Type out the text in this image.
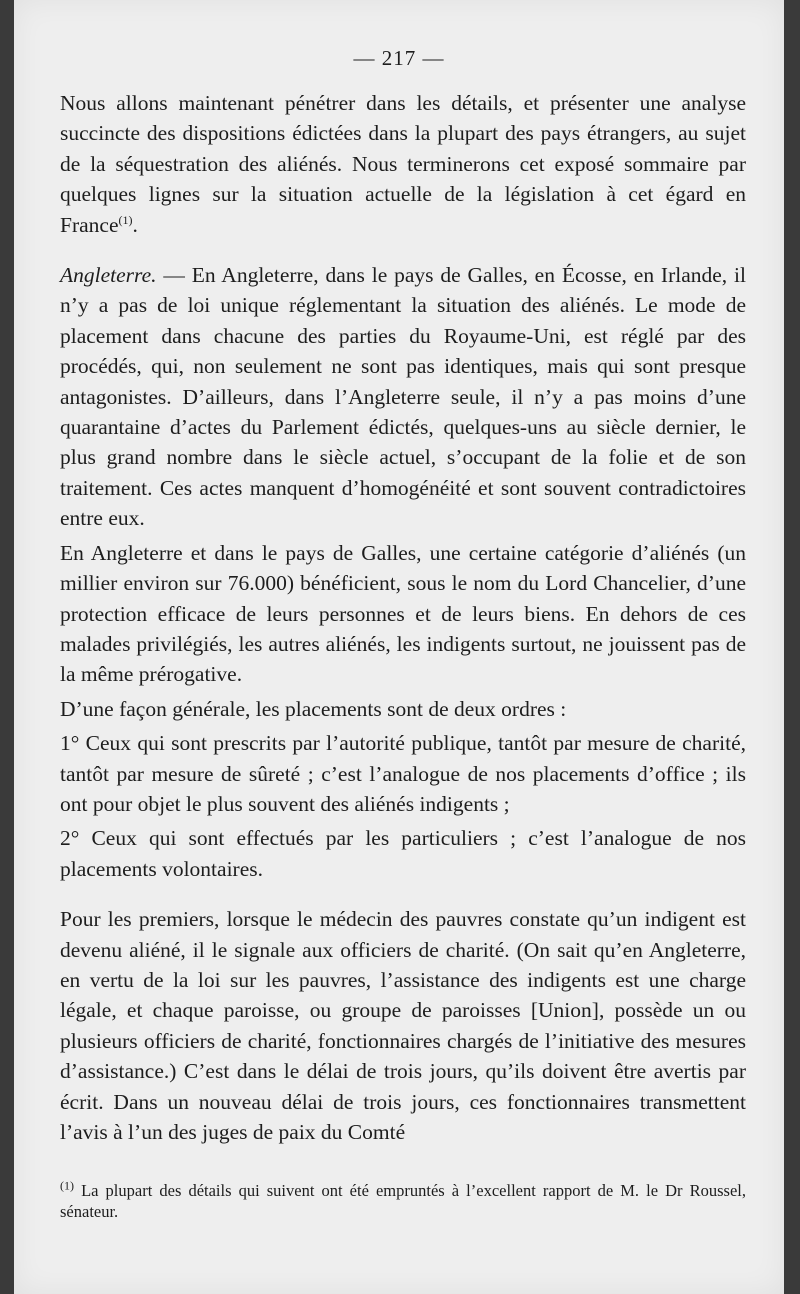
— 217 —

Nous allons maintenant pénétrer dans les détails, et présenter une analyse succincte des dispositions édictées dans la plupart des pays étrangers, au sujet de la séquestration des aliénés. Nous terminerons cet exposé sommaire par quelques lignes sur la situation actuelle de la législation à cet égard en France$^{(1)}$.

Angleterre. — En Angleterre, dans le pays de Galles, en Écosse, en Irlande, il n’y a pas de loi unique réglementant la situation des aliénés. Le mode de placement dans chacune des parties du Royaume-Uni, est réglé par des procédés, qui, non seulement ne sont pas identiques, mais qui sont presque antagonistes. D’ailleurs, dans l’Angleterre seule, il n’y a pas moins d’une quarantaine d’actes du Parlement édictés, quelques-uns au siècle dernier, le plus grand nombre dans le siècle actuel, s’occupant de la folie et de son traitement. Ces actes manquent d’homogénéité et sont souvent contradictoires entre eux.

En Angleterre et dans le pays de Galles, une certaine catégorie d’aliénés (un millier environ sur 76.000) bénéficient, sous le nom du Lord Chancelier, d’une protection efficace de leurs personnes et de leurs biens. En dehors de ces malades privilégiés, les autres aliénés, les indigents surtout, ne jouissent pas de la même prérogative.

D’une façon générale, les placements sont de deux ordres :

1° Ceux qui sont prescrits par l’autorité publique, tantôt par mesure de charité, tantôt par mesure de sûreté ; c’est l’analogue de nos placements d’office ; ils ont pour objet le plus souvent des aliénés indigents ;

2° Ceux qui sont effectués par les particuliers ; c’est l’analogue de nos placements volontaires.

Pour les premiers, lorsque le médecin des pauvres constate qu’un indigent est devenu aliéné, il le signale aux officiers de charité. (On sait qu’en Angleterre, en vertu de la loi sur les pauvres, l’assistance des indigents est une charge légale, et chaque paroisse, ou groupe de paroisses [Union], possède un ou plusieurs officiers de charité, fonctionnaires chargés de l’initiative des mesures d’assistance.) C’est dans le délai de trois jours, qu’ils doivent être avertis par écrit. Dans un nouveau délai de trois jours, ces fonctionnaires transmettent l’avis à l’un des juges de paix du Comté

$^{(1)}$ La plupart des détails qui suivent ont été empruntés à l’excellent rapport de M. le Dr Roussel, sénateur.
